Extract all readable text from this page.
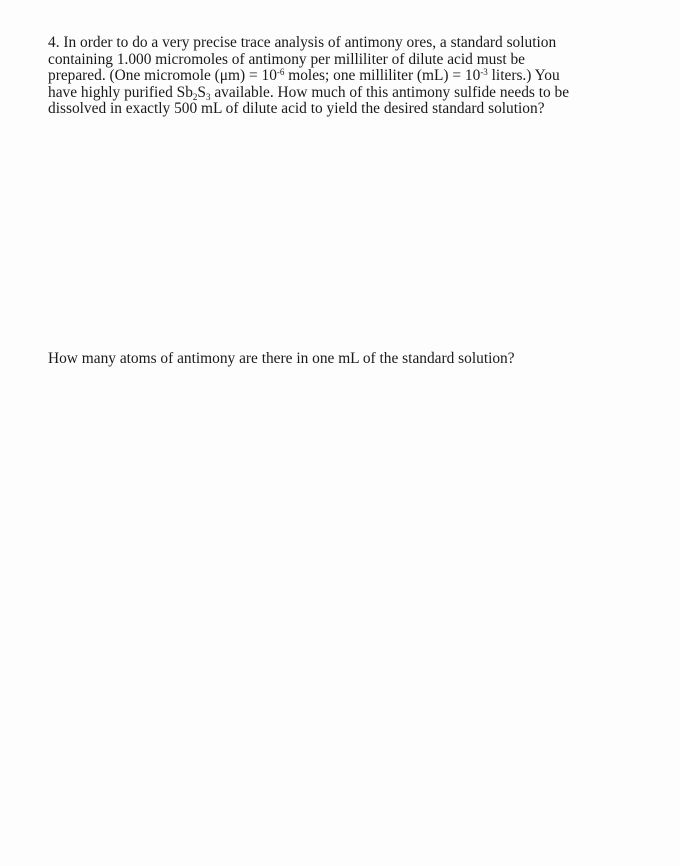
4. In order to do a very precise trace analysis of antimony ores, a standard solution
containing 1.000 micromoles of antimony per milliliter of dilute acid must be
prepared. (One micromole $(\mu m) = 10^{-6}$ moles; one milliliter $(mL) = 10^{-3}$ liters.) You
have highly purified $Sb_2S_3$ available. How much of this antimony sulfide needs to be
dissolved in exactly 500 mL of dilute acid to yield the desired standard solution?

How many atoms of antimony are there in one mL of the standard solution?
